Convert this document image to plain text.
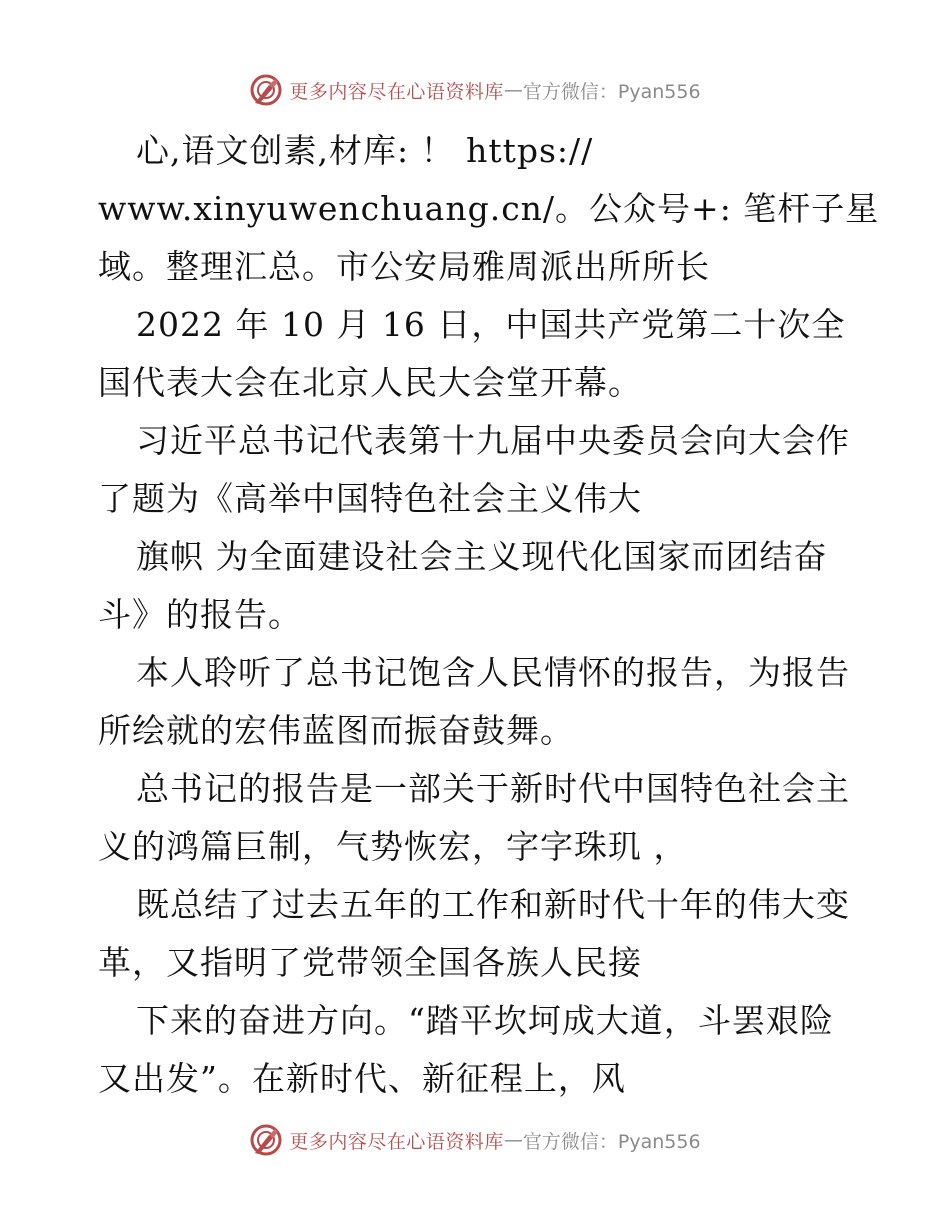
更多内容尽在心语资料库 — 官方微信：Pyan556
心,语文创素,材库: ！ https://
www.xinyuwenchuang.cn/。公众号+: 笔杆子星
域。整理汇总。市公安局雅周派出所所长
2022 年 10 月 16 日，中国共产党第二十次全
国代表大会在北京人民大会堂开幕。
习近平总书记代表第十九届中央委员会向大会作
了题为《高举中国特色社会主义伟大
旗帜 为全面建设社会主义现代化国家而团结奋
斗》的报告。
本人聆听了总书记饱含人民情怀的报告，为报告
所绘就的宏伟蓝图而振奋鼓舞。
总书记的报告是一部关于新时代中国特色社会主
义的鸿篇巨制，气势恢宏，字字珠玑 ，
既总结了过去五年的工作和新时代十年的伟大变
革，又指明了党带领全国各族人民接
下来的奋进方向。“踏平坎坷成大道，斗罢艰险
又出发”。在新时代、新征程上，风
更多内容尽在心语资料库 — 官方微信：Pyan556
